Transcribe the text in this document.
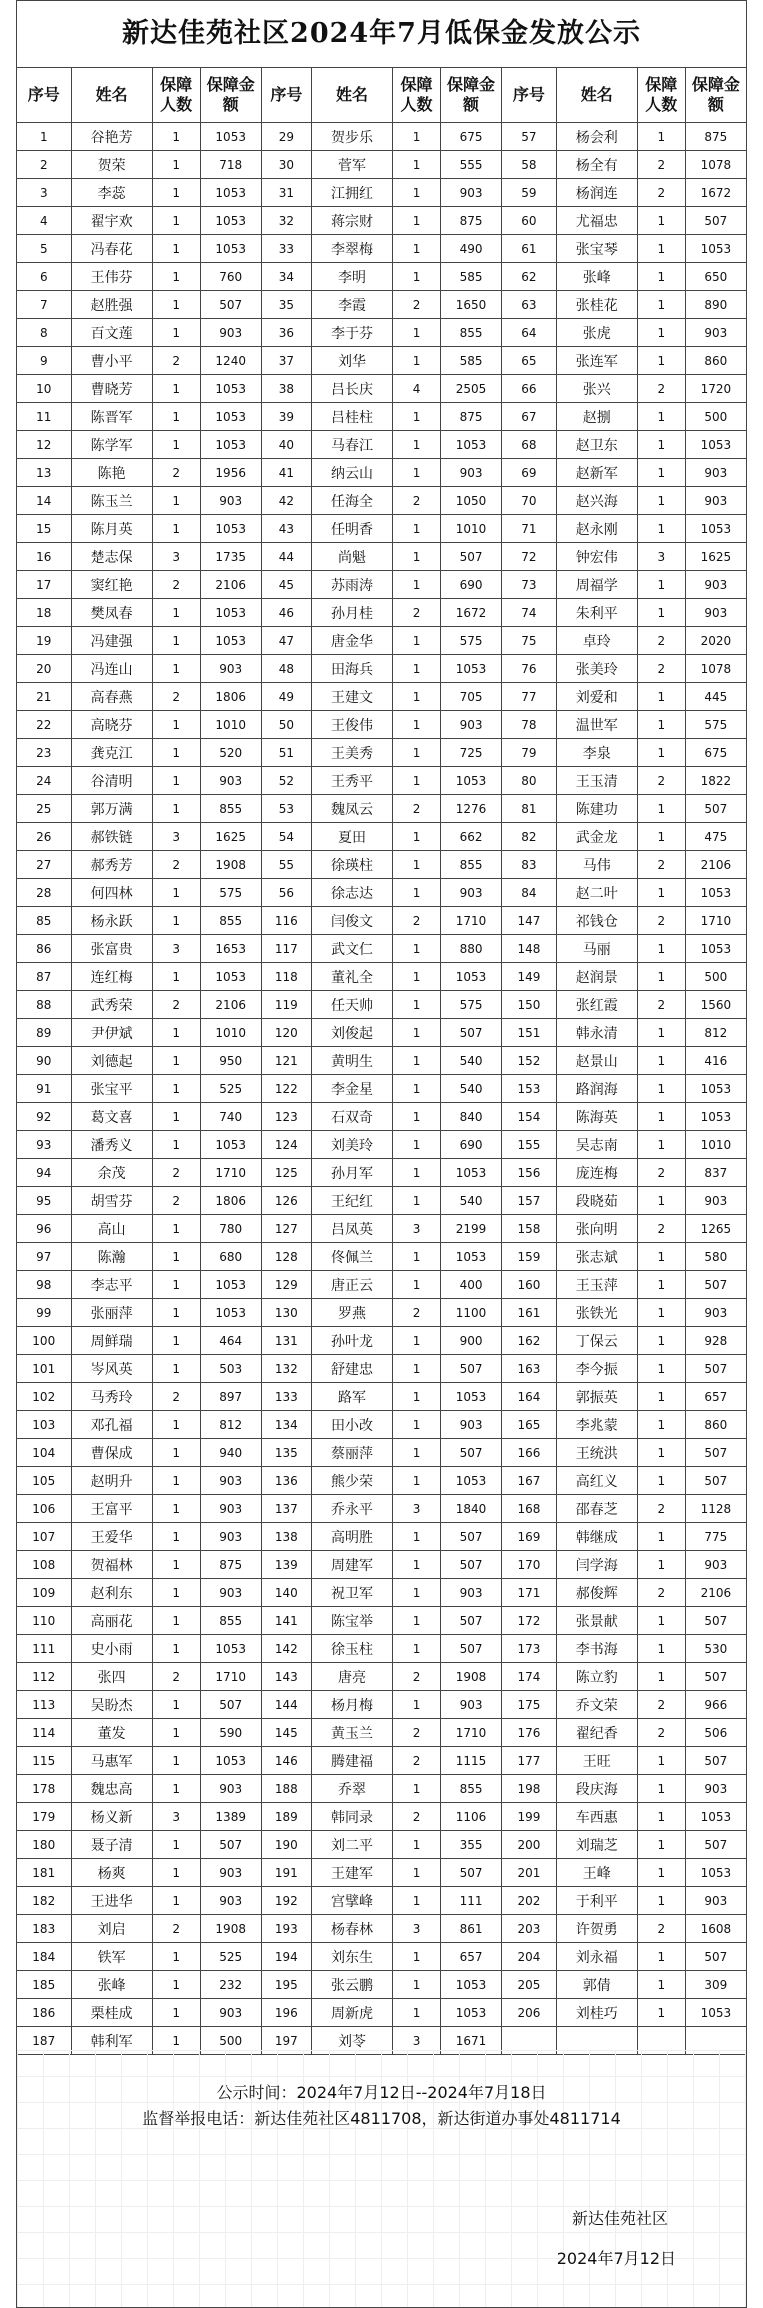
新达佳苑社区2024年7月低保金发放公示
序号	姓名	保障人数	保障金额	序号	姓名	保障人数	保障金额	序号	姓名	保障人数	保障金额
1	谷艳芳	1	1053	29	贺步乐	1	675	57	杨会利	1	875
2	贺荣	1	718	30	菅军	1	555	58	杨全有	2	1078
3	李蕊	1	1053	31	江拥红	1	903	59	杨润连	2	1672
4	翟宇欢	1	1053	32	蒋宗财	1	875	60	尤福忠	1	507
5	冯春花	1	1053	33	李翠梅	1	490	61	张宝琴	1	1053
6	王伟芬	1	760	34	李明	1	585	62	张峰	1	650
7	赵胜强	1	507	35	李霞	2	1650	63	张桂花	1	890
8	百文莲	1	903	36	李于芬	1	855	64	张虎	1	903
9	曹小平	2	1240	37	刘华	1	585	65	张连军	1	860
10	曹晓芳	1	1053	38	吕长庆	4	2505	66	张兴	2	1720
11	陈晋军	1	1053	39	吕桂柱	1	875	67	赵捌	1	500
12	陈学军	1	1053	40	马春江	1	1053	68	赵卫东	1	1053
13	陈艳	2	1956	41	纳云山	1	903	69	赵新军	1	903
14	陈玉兰	1	903	42	任海全	2	1050	70	赵兴海	1	903
15	陈月英	1	1053	43	任明香	1	1010	71	赵永刚	1	1053
16	楚志保	3	1735	44	尚魁	1	507	72	钟宏伟	3	1625
17	窦红艳	2	2106	45	苏雨涛	1	690	73	周福学	1	903
18	樊凤春	1	1053	46	孙月桂	2	1672	74	朱利平	1	903
19	冯建强	1	1053	47	唐金华	1	575	75	卓玲	2	2020
20	冯连山	1	903	48	田海兵	1	1053	76	张美玲	2	1078
21	高春燕	2	1806	49	王建文	1	705	77	刘爱和	1	445
22	高晓芬	1	1010	50	王俊伟	1	903	78	温世军	1	575
23	龚克江	1	520	51	王美秀	1	725	79	李泉	1	675
24	谷清明	1	903	52	王秀平	1	1053	80	王玉清	2	1822
25	郭万满	1	855	53	魏凤云	2	1276	81	陈建功	1	507
26	郝铁链	3	1625	54	夏田	1	662	82	武金龙	1	475
27	郝秀芳	2	1908	55	徐瑛柱	1	855	83	马伟	2	2106
28	何四林	1	575	56	徐志达	1	903	84	赵二叶	1	1053
85	杨永跃	1	855	116	闫俊文	2	1710	147	祁钱仓	2	1710
86	张富贵	3	1653	117	武文仁	1	880	148	马丽	1	1053
87	连红梅	1	1053	118	董礼全	1	1053	149	赵润景	1	500
88	武秀荣	2	2106	119	任天帅	1	575	150	张红霞	2	1560
89	尹伊斌	1	1010	120	刘俊起	1	507	151	韩永清	1	812
90	刘德起	1	950	121	黄明生	1	540	152	赵景山	1	416
91	张宝平	1	525	122	李金星	1	540	153	路润海	1	1053
92	葛文喜	1	740	123	石双奇	1	840	154	陈海英	1	1053
93	潘秀义	1	1053	124	刘美玲	1	690	155	吴志南	1	1010
94	余茂	2	1710	125	孙月军	1	1053	156	庞连梅	2	837
95	胡雪芬	2	1806	126	王纪红	1	540	157	段晓茹	1	903
96	高山	1	780	127	吕凤英	3	2199	158	张向明	2	1265
97	陈瀚	1	680	128	佟佩兰	1	1053	159	张志斌	1	580
98	李志平	1	1053	129	唐正云	1	400	160	王玉萍	1	507
99	张丽萍	1	1053	130	罗燕	2	1100	161	张铁光	1	903
100	周鲜瑞	1	464	131	孙叶龙	1	900	162	丁保云	1	928
101	岑风英	1	503	132	舒建忠	1	507	163	李今振	1	507
102	马秀玲	2	897	133	路军	1	1053	164	郭振英	1	657
103	邓孔福	1	812	134	田小改	1	903	165	李兆蒙	1	860
104	曹保成	1	940	135	蔡丽萍	1	507	166	王统洪	1	507
105	赵明升	1	903	136	熊少荣	1	1053	167	高红义	1	507
106	王富平	1	903	137	乔永平	3	1840	168	邵春芝	2	1128
107	王爱华	1	903	138	高明胜	1	507	169	韩继成	1	775
108	贺福林	1	875	139	周建军	1	507	170	闫学海	1	903
109	赵利东	1	903	140	祝卫军	1	903	171	郝俊辉	2	2106
110	高丽花	1	855	141	陈宝举	1	507	172	张景献	1	507
111	史小雨	1	1053	142	徐玉柱	1	507	173	李书海	1	530
112	张四	2	1710	143	唐亮	2	1908	174	陈立豹	1	507
113	吴盼杰	1	507	144	杨月梅	1	903	175	乔文荣	2	966
114	董发	1	590	145	黄玉兰	2	1710	176	翟纪香	2	506
115	马惠军	1	1053	146	腾建福	2	1115	177	王旺	1	507
178	魏忠高	1	903	188	乔翠	1	855	198	段庆海	1	903
179	杨义新	3	1389	189	韩同录	2	1106	199	车西惠	1	1053
180	聂子清	1	507	190	刘二平	1	355	200	刘瑞芝	1	507
181	杨爽	1	903	191	王建军	1	507	201	王峰	1	1053
182	王进华	1	903	192	宫擘峰	1	111	202	于利平	1	903
183	刘启	2	1908	193	杨春林	3	861	203	许贺勇	2	1608
184	铁军	1	525	194	刘东生	1	657	204	刘永福	1	507
185	张峰	1	232	195	张云鹏	1	1053	205	郭倩	1	309
186	栗桂成	1	903	196	周新虎	1	1053	206	刘桂巧	1	1053
187	韩利军	1	500	197	刘苓	3	1671				
公示时间：2024年7月12日--2024年7月18日
监督举报电话：新达佳苑社区4811708，新达街道办事处4811714
新达佳苑社区
2024年7月12日
